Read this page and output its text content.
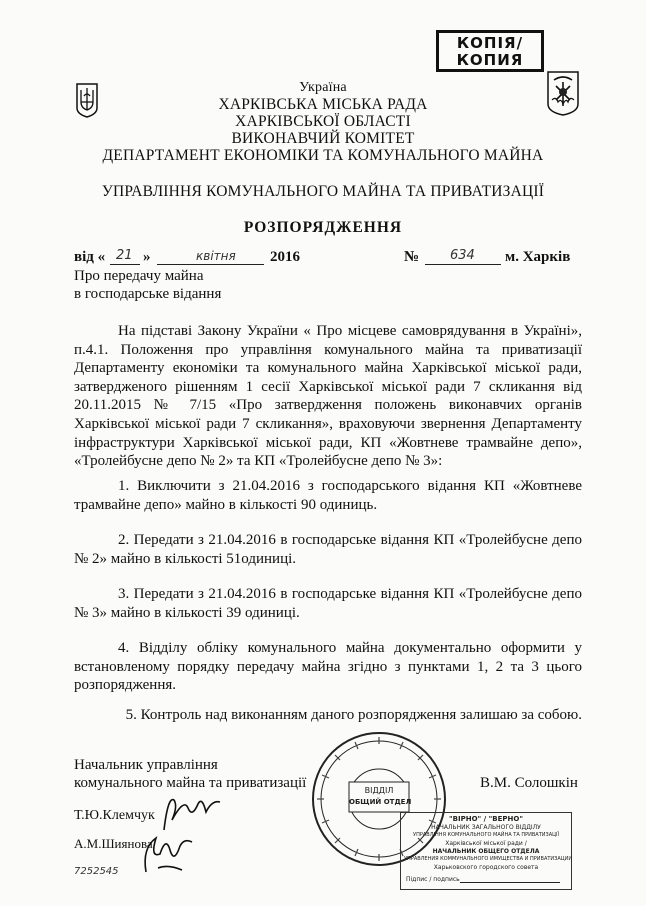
КОПІЯ/
КОПИЯ
Україна
ХАРКІВСЬКА МІСЬКА РАДА
ХАРКІВСЬКОЇ ОБЛАСТІ
ВИКОНАВЧИЙ КОМІТЕТ
ДЕПАРТАМЕНТ ЕКОНОМІКИ ТА КОМУНАЛЬНОГО МАЙНА
УПРАВЛІННЯ КОМУНАЛЬНОГО МАЙНА ТА ПРИВАТИЗАЦІЇ
РОЗПОРЯДЖЕННЯ
від « 21 »	квітня 2016	№ 634 м. Харків
Про передачу майна
в господарське відання
На підставі Закону України « Про місцеве самоврядування в Україні», п.4.1. Положення про управління комунального майна та приватизації Департаменту економіки та комунального майна Харківської міської ради, затвердженого рішенням 1 сесії Харківської міської ради 7 скликання від 20.11.2015 № 7/15 «Про затвердження положень виконавчих органів Харківської міської ради 7 скликання», враховуючи звернення Департаменту інфраструктури Харківської міської ради, КП «Жовтневе трамвайне депо», «Тролейбусне депо № 2» та КП «Тролейбусне депо № 3»:
1. Виключити з 21.04.2016 з господарського відання КП «Жовтневе трамвайне депо» майно в кількості 90 одиниць.
2. Передати з 21.04.2016 в господарське відання КП «Тролейбусне депо № 2» майно в кількості 51одиниці.
3. Передати з 21.04.2016 в господарське відання КП «Тролейбусне депо № 3» майно в кількості 39 одиниці.
4. Відділу обліку комунального майна документально оформити у встановленому порядку передачу майна згідно з пунктами 1, 2 та 3 цього розпорядження.
5. Контроль над виконанням даного розпорядження залишаю за собою.
Начальник управління
комунального майна та приватизації	В.М. Солошкін
Т.Ю.Клемчук
А.М.Шиянова
7252545
ВІДДІЛ
ОБЩИЙ ОТДЕЛ
"ВІРНО" / "ВЕРНО"
НАЧАЛЬНИК ЗАГАЛЬНОГО ВІДДІЛУ
УПРАВЛІННЯ КОМУНАЛЬНОГО МАЙНА ТА ПРИВАТИЗАЦІЇ
Харківської міської ради /
НАЧАЛЬНИК ОБЩЕГО ОТДЕЛА
УПРАВЛЕНИЯ КОММУНАЛЬНОГО ИМУЩЕСТВА И ПРИВАТИЗАЦИИ
Харьковского городского совета
Підпис / подпись
